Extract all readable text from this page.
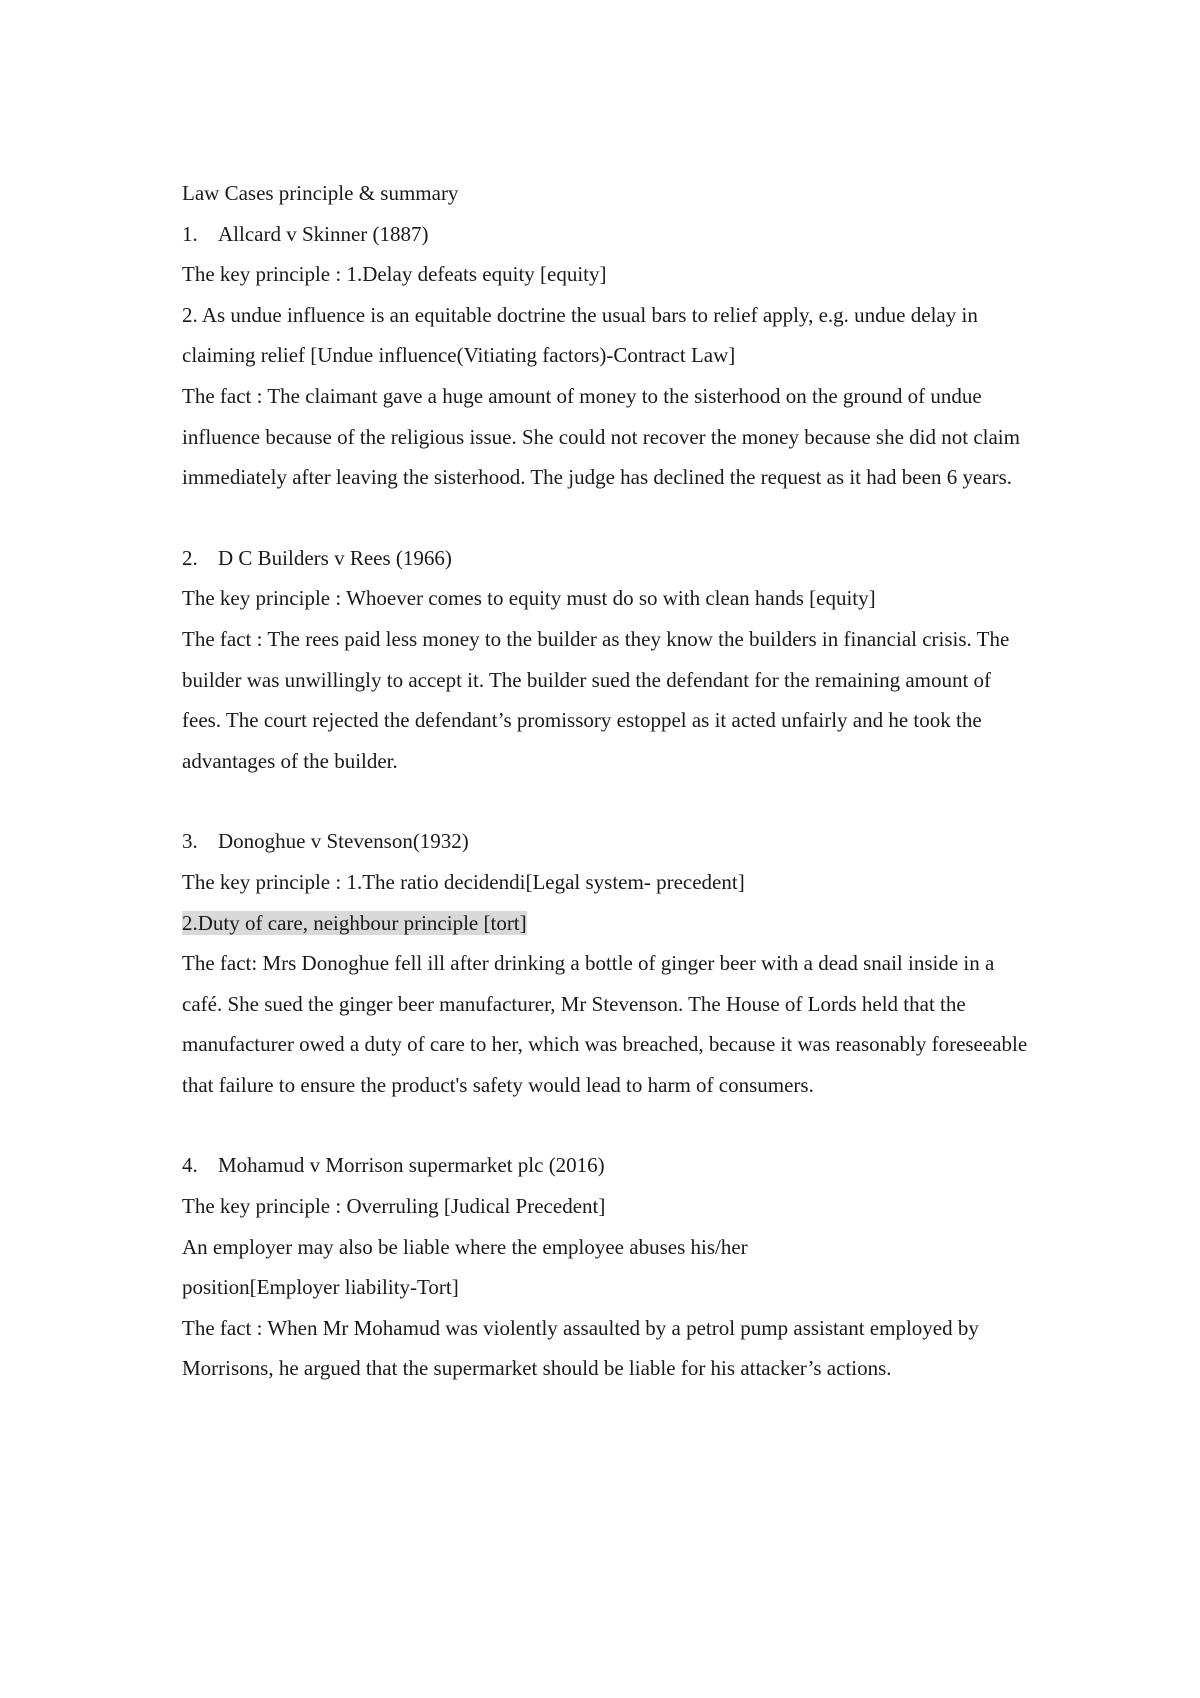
Law Cases principle & summary
1. Allcard v Skinner (1887)
The key principle : 1.Delay defeats equity [equity]
2. As undue influence is an equitable doctrine the usual bars to relief apply, e.g. undue delay in claiming relief [Undue influence(Vitiating factors)-Contract Law]
The fact : The claimant gave a huge amount of money to the sisterhood on the ground of undue influence because of the religious issue. She could not recover the money because she did not claim immediately after leaving the sisterhood. The judge has declined the request as it had been 6 years.
2. D C Builders v Rees (1966)
The key principle : Whoever comes to equity must do so with clean hands [equity]
The fact : The rees paid less money to the builder as they know the builders in financial crisis. The builder was unwillingly to accept it. The builder sued the defendant for the remaining amount of fees. The court rejected the defendant’s promissory estoppel as it acted unfairly and he took the advantages of the builder.
3. Donoghue v Stevenson(1932)
The key principle : 1.The ratio decidendi[Legal system- precedent]
2.Duty of care, neighbour principle [tort]
The fact: Mrs Donoghue fell ill after drinking a bottle of ginger beer with a dead snail inside in a café. She sued the ginger beer manufacturer, Mr Stevenson. The House of Lords held that the manufacturer owed a duty of care to her, which was breached, because it was reasonably foreseeable that failure to ensure the product's safety would lead to harm of consumers.
4. Mohamud v Morrison supermarket plc (2016)
The key principle : Overruling [Judical Precedent]
An employer may also be liable where the employee abuses his/her position[Employer liability-Tort]
The fact : When Mr Mohamud was violently assaulted by a petrol pump assistant employed by Morrisons, he argued that the supermarket should be liable for his attacker’s actions.
